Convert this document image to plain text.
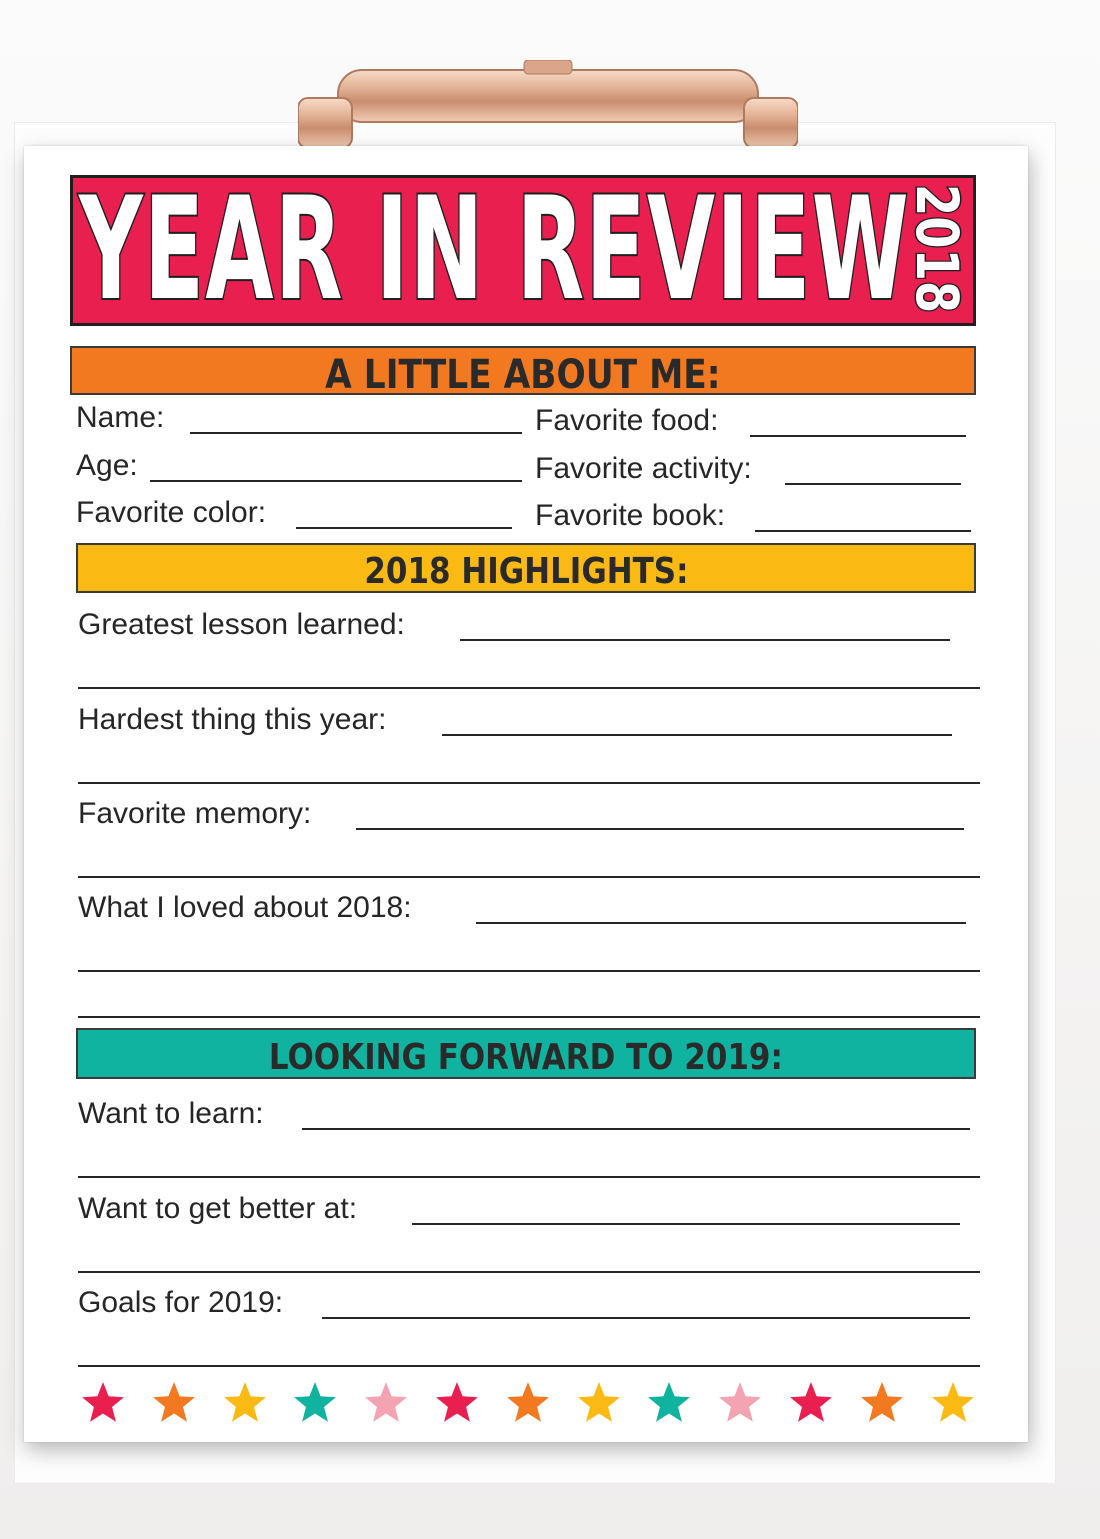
YEAR IN REVIEW
2018
A LITTLE ABOUT ME:
Name:
Age:
Favorite color:
Favorite food:
Favorite activity:
Favorite book:
2018 HIGHLIGHTS:
Greatest lesson learned:
Hardest thing this year:
Favorite memory:
What I loved about 2018:
LOOKING FORWARD TO 2019:
Want to learn:
Want to get better at:
Goals for 2019:
